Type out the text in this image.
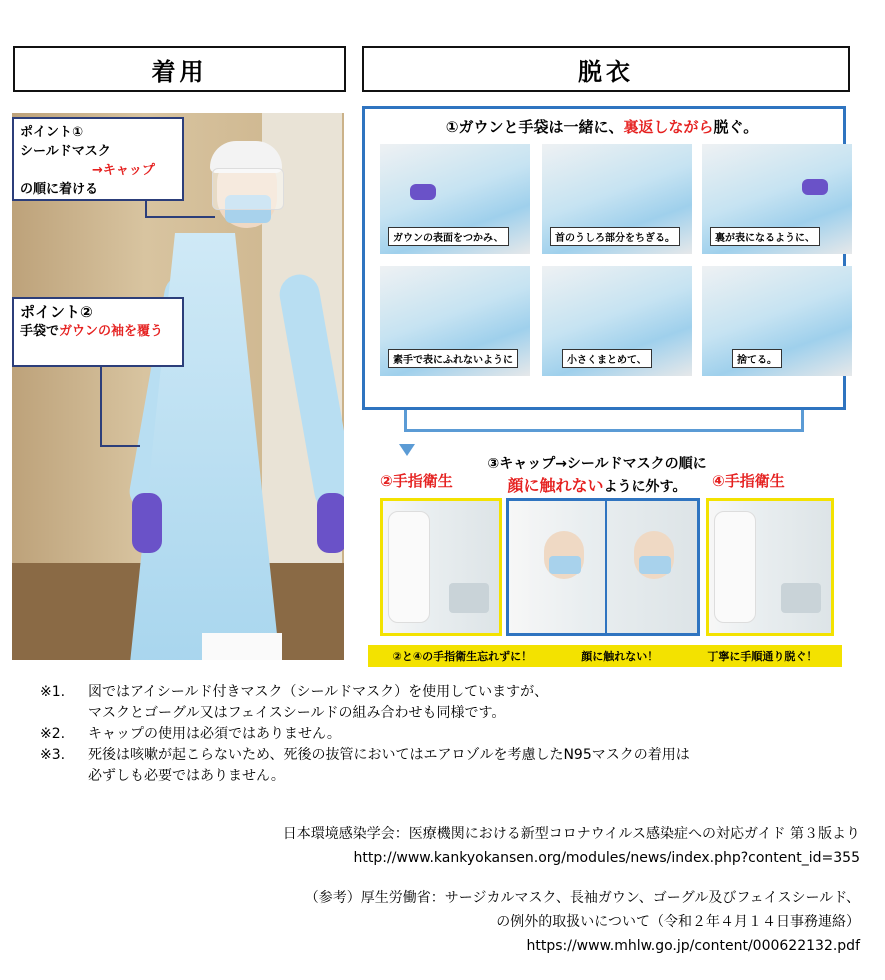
着用	脱衣
ポイント①
シールドマスク
→キャップ
の順に着ける
ポイント②
手袋でガウンの袖を覆う
①ガウンと手袋は一緒に、裏返しながら脱ぐ。
ガウンの表面をつかみ、	首のうしろ部分をちぎる。	裏が表になるように、
素手で表にふれないように	小さくまとめて、	捨てる。
②手指衛生
③キャップ→シールドマスクの順に
顔に触れないように外す。	④手指衛生
②と④の手指衛生忘れずに！	顔に触れない！	丁寧に手順通り脱ぐ！
※1. 図ではアイシールド付きマスク（シールドマスク）を使用していますが、
マスクとゴーグル又はフェイスシールドの組み合わせも同様です。
※2. キャップの使用は必須ではありません。
※3. 死後は咳嗽が起こらないため、死後の抜管においてはエアロゾルを考慮したN95マスクの着用は
必ずしも必要ではありません。
日本環境感染学会：医療機関における新型コロナウイルス感染症への対応ガイド 第３版より
http://www.kankyokansen.org/modules/news/index.php?content_id=355
（参考）厚生労働省：サージカルマスク、長袖ガウン、ゴーグル及びフェイスシールド、
の例外的取扱いについて（令和２年４月１４日事務連絡）
https://www.mhlw.go.jp/content/000622132.pdf
